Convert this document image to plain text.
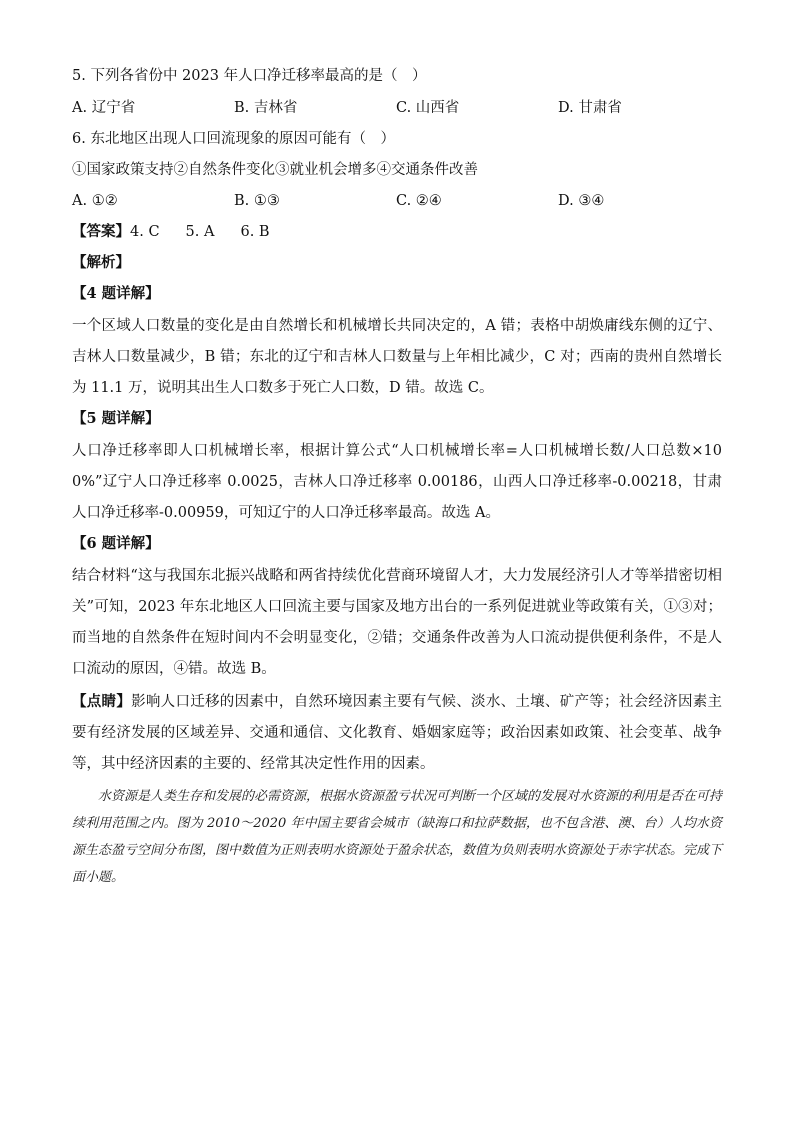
5. 下列各省份中 2023 年人口净迁移率最高的是（　）
A. 辽宁省	B. 吉林省	C. 山西省	D. 甘肃省
6. 东北地区出现人口回流现象的原因可能有（　）
①国家政策支持②自然条件变化③就业机会增多④交通条件改善
A. ①②	B. ①③	C. ②④	D. ③④
【答案】4. C 5. A 6. B
【解析】
【4 题详解】
一个区域人口数量的变化是由自然增长和机械增长共同决定的，A 错；表格中胡焕庸线东侧的辽宁、吉林人口数量减少，B 错；东北的辽宁和吉林人口数量与上年相比减少，C 对；西南的贵州自然增长为 11.1 万，说明其出生人口数多于死亡人口数，D 错。故选 C。
【5 题详解】
人口净迁移率即人口机械增长率，根据计算公式“人口机械增长率=人口机械增长数/人口总数×100%”辽宁人口净迁移率 0.0025，吉林人口净迁移率 0.00186，山西人口净迁移率-0.00218，甘肃人口净迁移率-0.00959，可知辽宁的人口净迁移率最高。故选 A。
【6 题详解】
结合材料“这与我国东北振兴战略和两省持续优化营商环境留人才，大力发展经济引人才等举措密切相关”可知，2023 年东北地区人口回流主要与国家及地方出台的一系列促进就业等政策有关，①③对；而当地的自然条件在短时间内不会明显变化，②错；交通条件改善为人口流动提供便利条件，不是人口流动的原因，④错。故选 B。
【点睛】影响人口迁移的因素中，自然环境因素主要有气候、淡水、土壤、矿产等；社会经济因素主要有经济发展的区域差异、交通和通信、文化教育、婚姻家庭等；政治因素如政策、社会变革、战争等，其中经济因素的主要的、经常其决定性作用的因素。
水资源是人类生存和发展的必需资源，根据水资源盈亏状况可判断一个区域的发展对水资源的利用是否在可持续利用范围之内。图为 2010～2020 年中国主要省会城市（缺海口和拉萨数据，也不包含港、澳、台）人均水资源生态盈亏空间分布图，图中数值为正则表明水资源处于盈余状态，数值为负则表明水资源处于赤字状态。完成下面小题。
